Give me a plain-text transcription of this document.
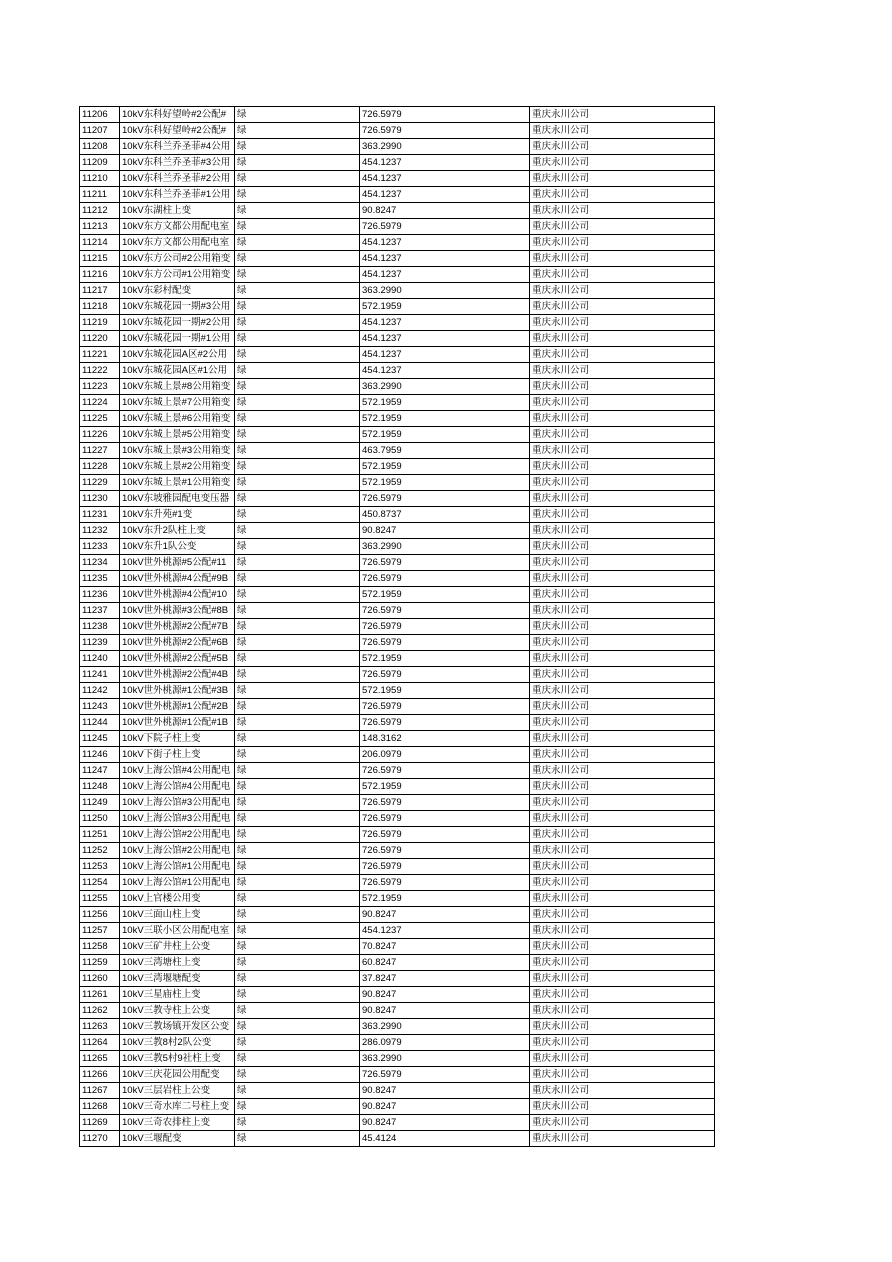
11206	10kV东科好望岭#2公配#	绿	726.5979	重庆永川公司
11207	10kV东科好望岭#2公配#	绿	726.5979	重庆永川公司
11208	10kV东科兰乔圣菲#4公用	绿	363.2990	重庆永川公司
11209	10kV东科兰乔圣菲#3公用	绿	454.1237	重庆永川公司
11210	10kV东科兰乔圣菲#2公用	绿	454.1237	重庆永川公司
11211	10kV东科兰乔圣菲#1公用	绿	454.1237	重庆永川公司
11212	10kV东湖柱上变	绿	90.8247	重庆永川公司
11213	10kV东方文都公用配电室	绿	726.5979	重庆永川公司
11214	10kV东方文都公用配电室	绿	454.1237	重庆永川公司
11215	10kV东方公司#2公用箱变	绿	454.1237	重庆永川公司
11216	10kV东方公司#1公用箱变	绿	454.1237	重庆永川公司
11217	10kV东彩村配变	绿	363.2990	重庆永川公司
11218	10kV东城花园一期#3公用	绿	572.1959	重庆永川公司
11219	10kV东城花园一期#2公用	绿	454.1237	重庆永川公司
11220	10kV东城花园一期#1公用	绿	454.1237	重庆永川公司
11221	10kV东城花园A区#2公用	绿	454.1237	重庆永川公司
11222	10kV东城花园A区#1公用	绿	454.1237	重庆永川公司
11223	10kV东城上景#8公用箱变	绿	363.2990	重庆永川公司
11224	10kV东城上景#7公用箱变	绿	572.1959	重庆永川公司
11225	10kV东城上景#6公用箱变	绿	572.1959	重庆永川公司
11226	10kV东城上景#5公用箱变	绿	572.1959	重庆永川公司
11227	10kV东城上景#3公用箱变	绿	463.7959	重庆永川公司
11228	10kV东城上景#2公用箱变	绿	572.1959	重庆永川公司
11229	10kV东城上景#1公用箱变	绿	572.1959	重庆永川公司
11230	10kV东坡雅园配电变压器	绿	726.5979	重庆永川公司
11231	10kV东升苑#1变	绿	450.8737	重庆永川公司
11232	10kV东升2队柱上变	绿	90.8247	重庆永川公司
11233	10kV东升1队公变	绿	363.2990	重庆永川公司
11234	10kV世外桃源#5公配#11	绿	726.5979	重庆永川公司
11235	10kV世外桃源#4公配#9B	绿	726.5979	重庆永川公司
11236	10kV世外桃源#4公配#10	绿	572.1959	重庆永川公司
11237	10kV世外桃源#3公配#8B	绿	726.5979	重庆永川公司
11238	10kV世外桃源#2公配#7B	绿	726.5979	重庆永川公司
11239	10kV世外桃源#2公配#6B	绿	726.5979	重庆永川公司
11240	10kV世外桃源#2公配#5B	绿	572.1959	重庆永川公司
11241	10kV世外桃源#2公配#4B	绿	726.5979	重庆永川公司
11242	10kV世外桃源#1公配#3B	绿	572.1959	重庆永川公司
11243	10kV世外桃源#1公配#2B	绿	726.5979	重庆永川公司
11244	10kV世外桃源#1公配#1B	绿	726.5979	重庆永川公司
11245	10kV下院子柱上变	绿	148.3162	重庆永川公司
11246	10kV下街子柱上变	绿	206.0979	重庆永川公司
11247	10kV上海公馆#4公用配电	绿	726.5979	重庆永川公司
11248	10kV上海公馆#4公用配电	绿	572.1959	重庆永川公司
11249	10kV上海公馆#3公用配电	绿	726.5979	重庆永川公司
11250	10kV上海公馆#3公用配电	绿	726.5979	重庆永川公司
11251	10kV上海公馆#2公用配电	绿	726.5979	重庆永川公司
11252	10kV上海公馆#2公用配电	绿	726.5979	重庆永川公司
11253	10kV上海公馆#1公用配电	绿	726.5979	重庆永川公司
11254	10kV上海公馆#1公用配电	绿	726.5979	重庆永川公司
11255	10kV上官楼公用变	绿	572.1959	重庆永川公司
11256	10kV三面山柱上变	绿	90.8247	重庆永川公司
11257	10kV三联小区公用配电室	绿	454.1237	重庆永川公司
11258	10kV三矿井柱上公变	绿	70.8247	重庆永川公司
11259	10kV三湾塘柱上变	绿	60.8247	重庆永川公司
11260	10kV三湾堰塘配变	绿	37.8247	重庆永川公司
11261	10kV三星庙柱上变	绿	90.8247	重庆永川公司
11262	10kV三教寺柱上公变	绿	90.8247	重庆永川公司
11263	10kV三教场镇开发区公变	绿	363.2990	重庆永川公司
11264	10kV三教8村2队公变	绿	286.0979	重庆永川公司
11265	10kV三教5村9社柱上变	绿	363.2990	重庆永川公司
11266	10kV三庆花园公用配变	绿	726.5979	重庆永川公司
11267	10kV三层岩柱上公变	绿	90.8247	重庆永川公司
11268	10kV三奇水库二号柱上变	绿	90.8247	重庆永川公司
11269	10kV三奇农排柱上变	绿	90.8247	重庆永川公司
11270	10kV三堰配变	绿	45.4124	重庆永川公司
